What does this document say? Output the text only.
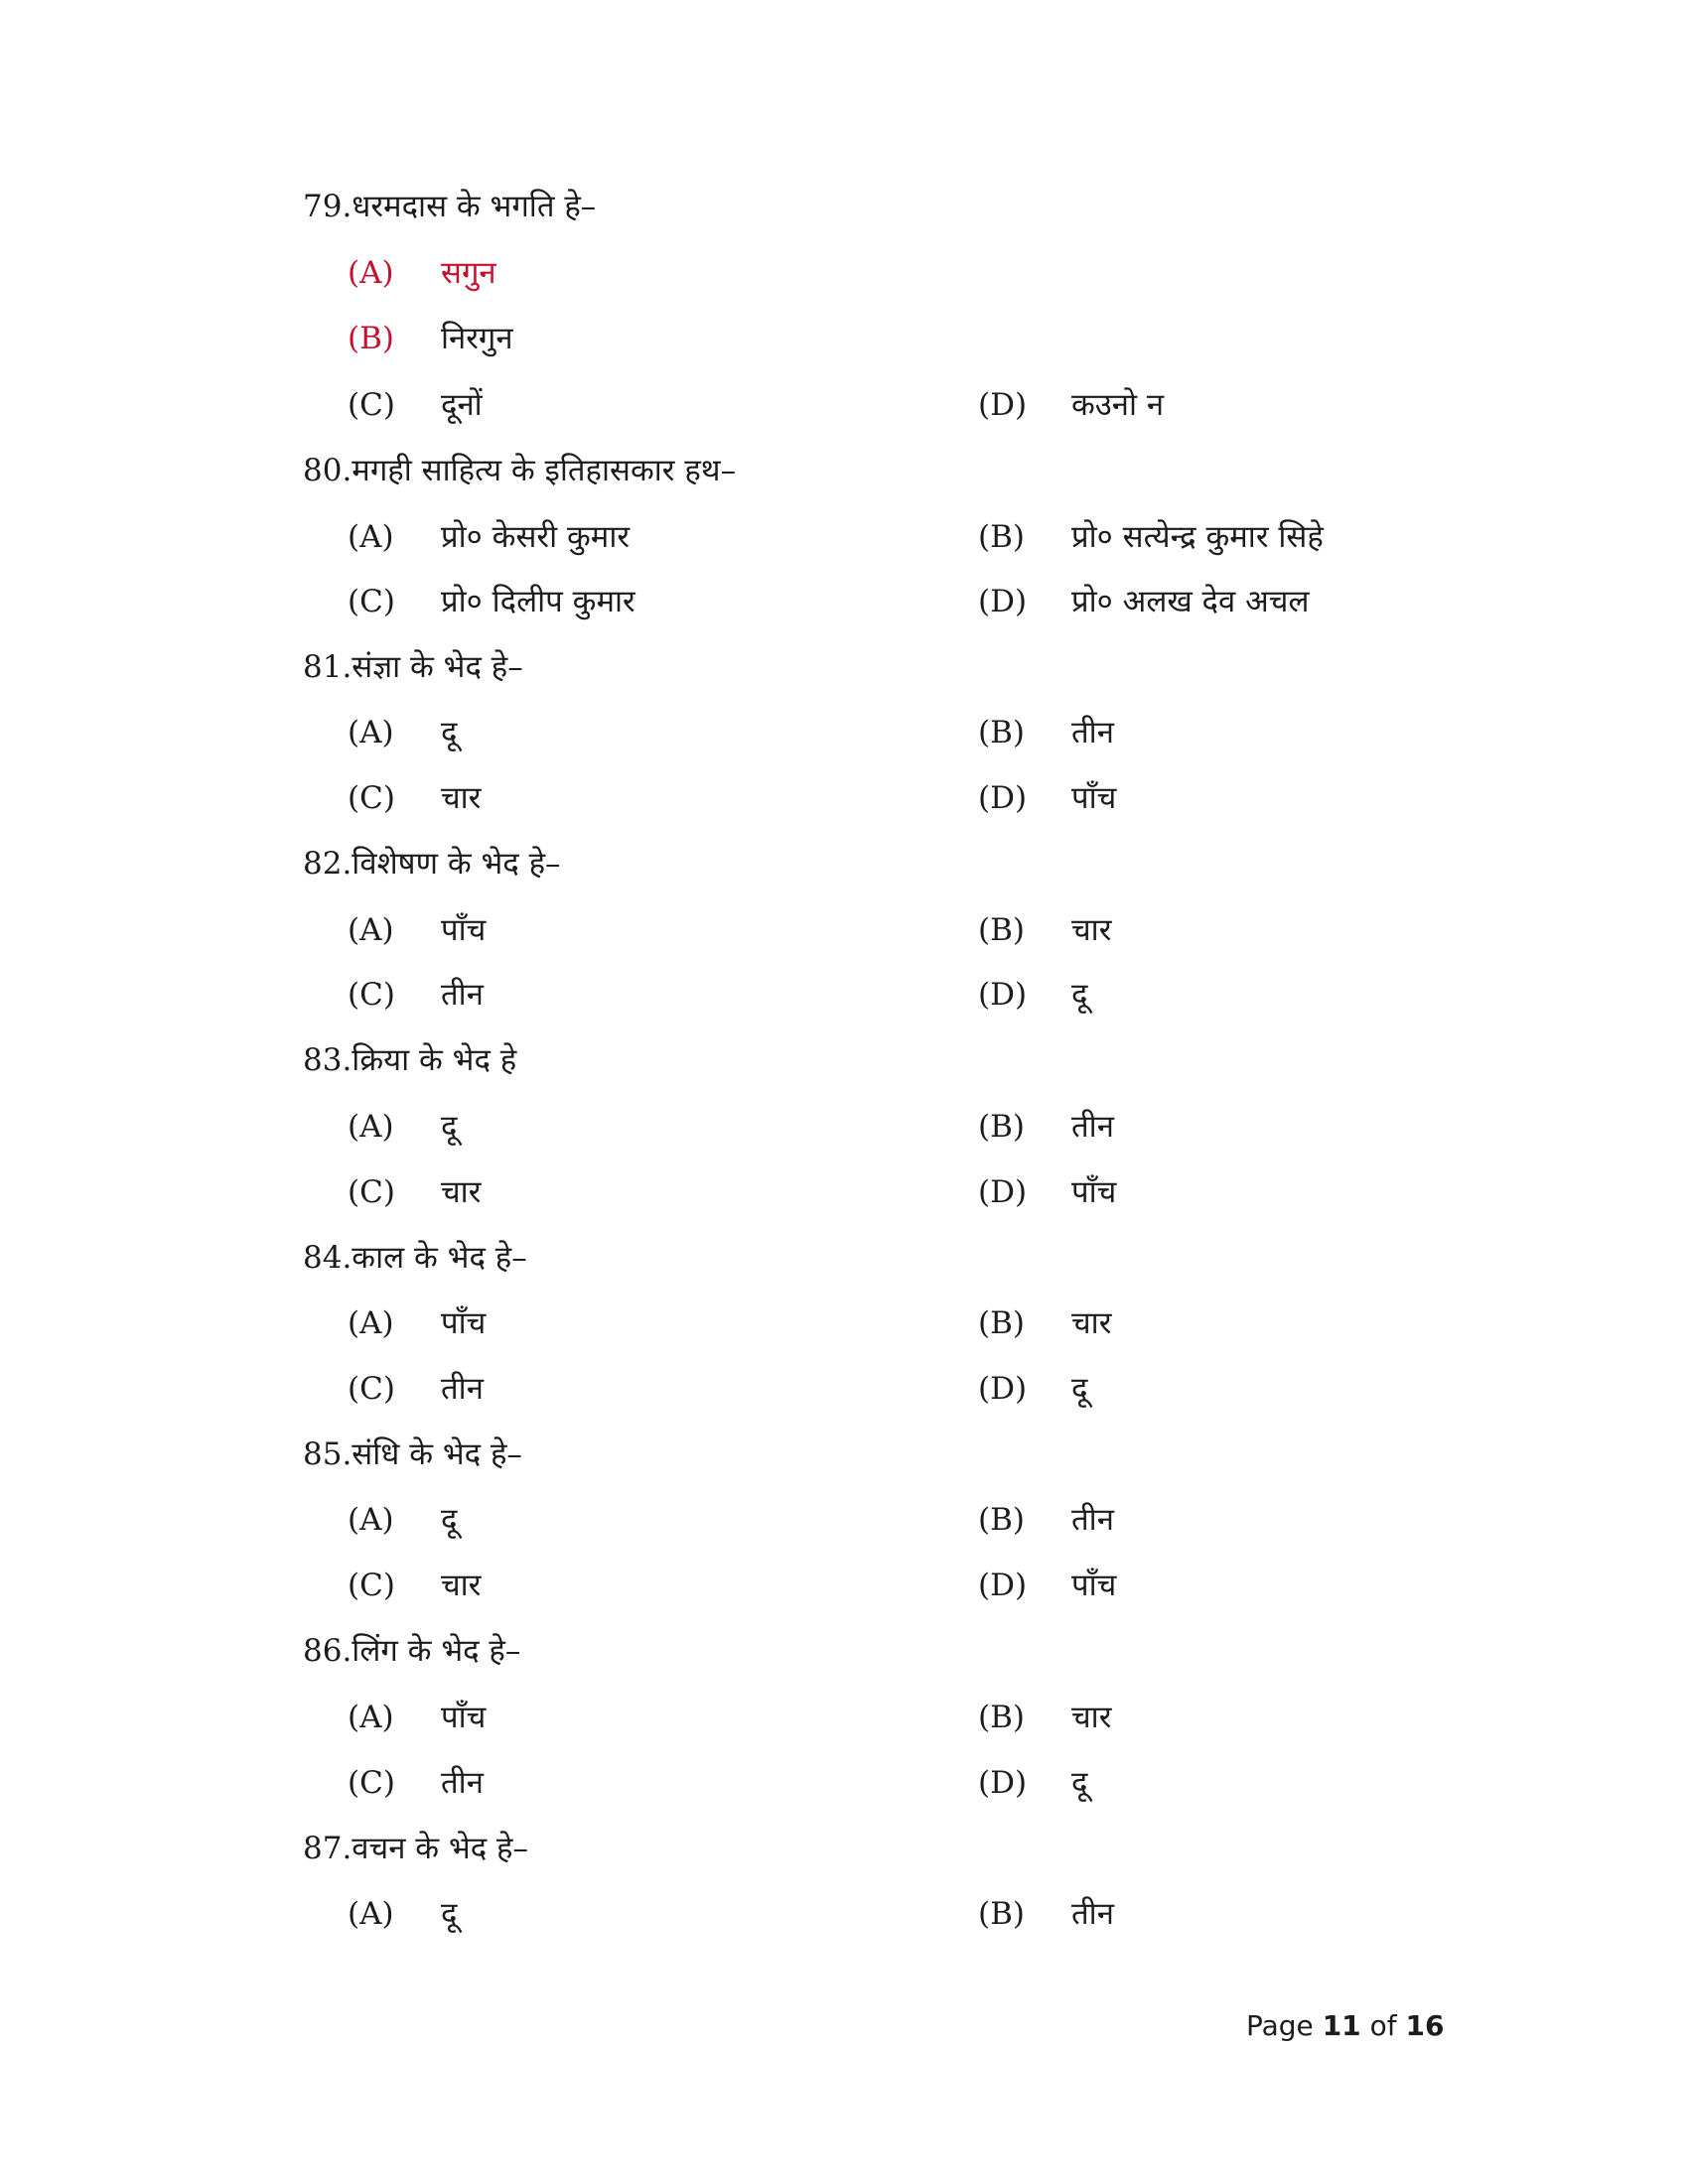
79.धरमदास के भगति हे–
(A) सगुन
(B) निरगुन
(C) दूनों	(D) कउनो न
80.मगही साहित्य के इतिहासकार हथ–
(A) प्रो० केसरी कुमार	(B) प्रो० सत्येन्द्र कुमार सिहे
(C) प्रो० दिलीप कुमार	(D) प्रो० अलख देव अचल
81.संज्ञा के भेद हे–
(A) दू	(B) तीन
(C) चार	(D) पाँच
82.विशेषण के भेद हे–
(A) पाँच	(B) चार
(C) तीन	(D) दू
83.क्रिया के भेद हे
(A) दू	(B) तीन
(C) चार	(D) पाँच
84.काल के भेद हे–
(A) पाँच	(B) चार
(C) तीन	(D) दू
85.संधि के भेद हे–
(A) दू	(B) तीन
(C) चार	(D) पाँच
86.लिंग के भेद हे–
(A) पाँच	(B) चार
(C) तीन	(D) दू
87.वचन के भेद हे–
(A) दू	(B) तीन
Page 11 of 16
